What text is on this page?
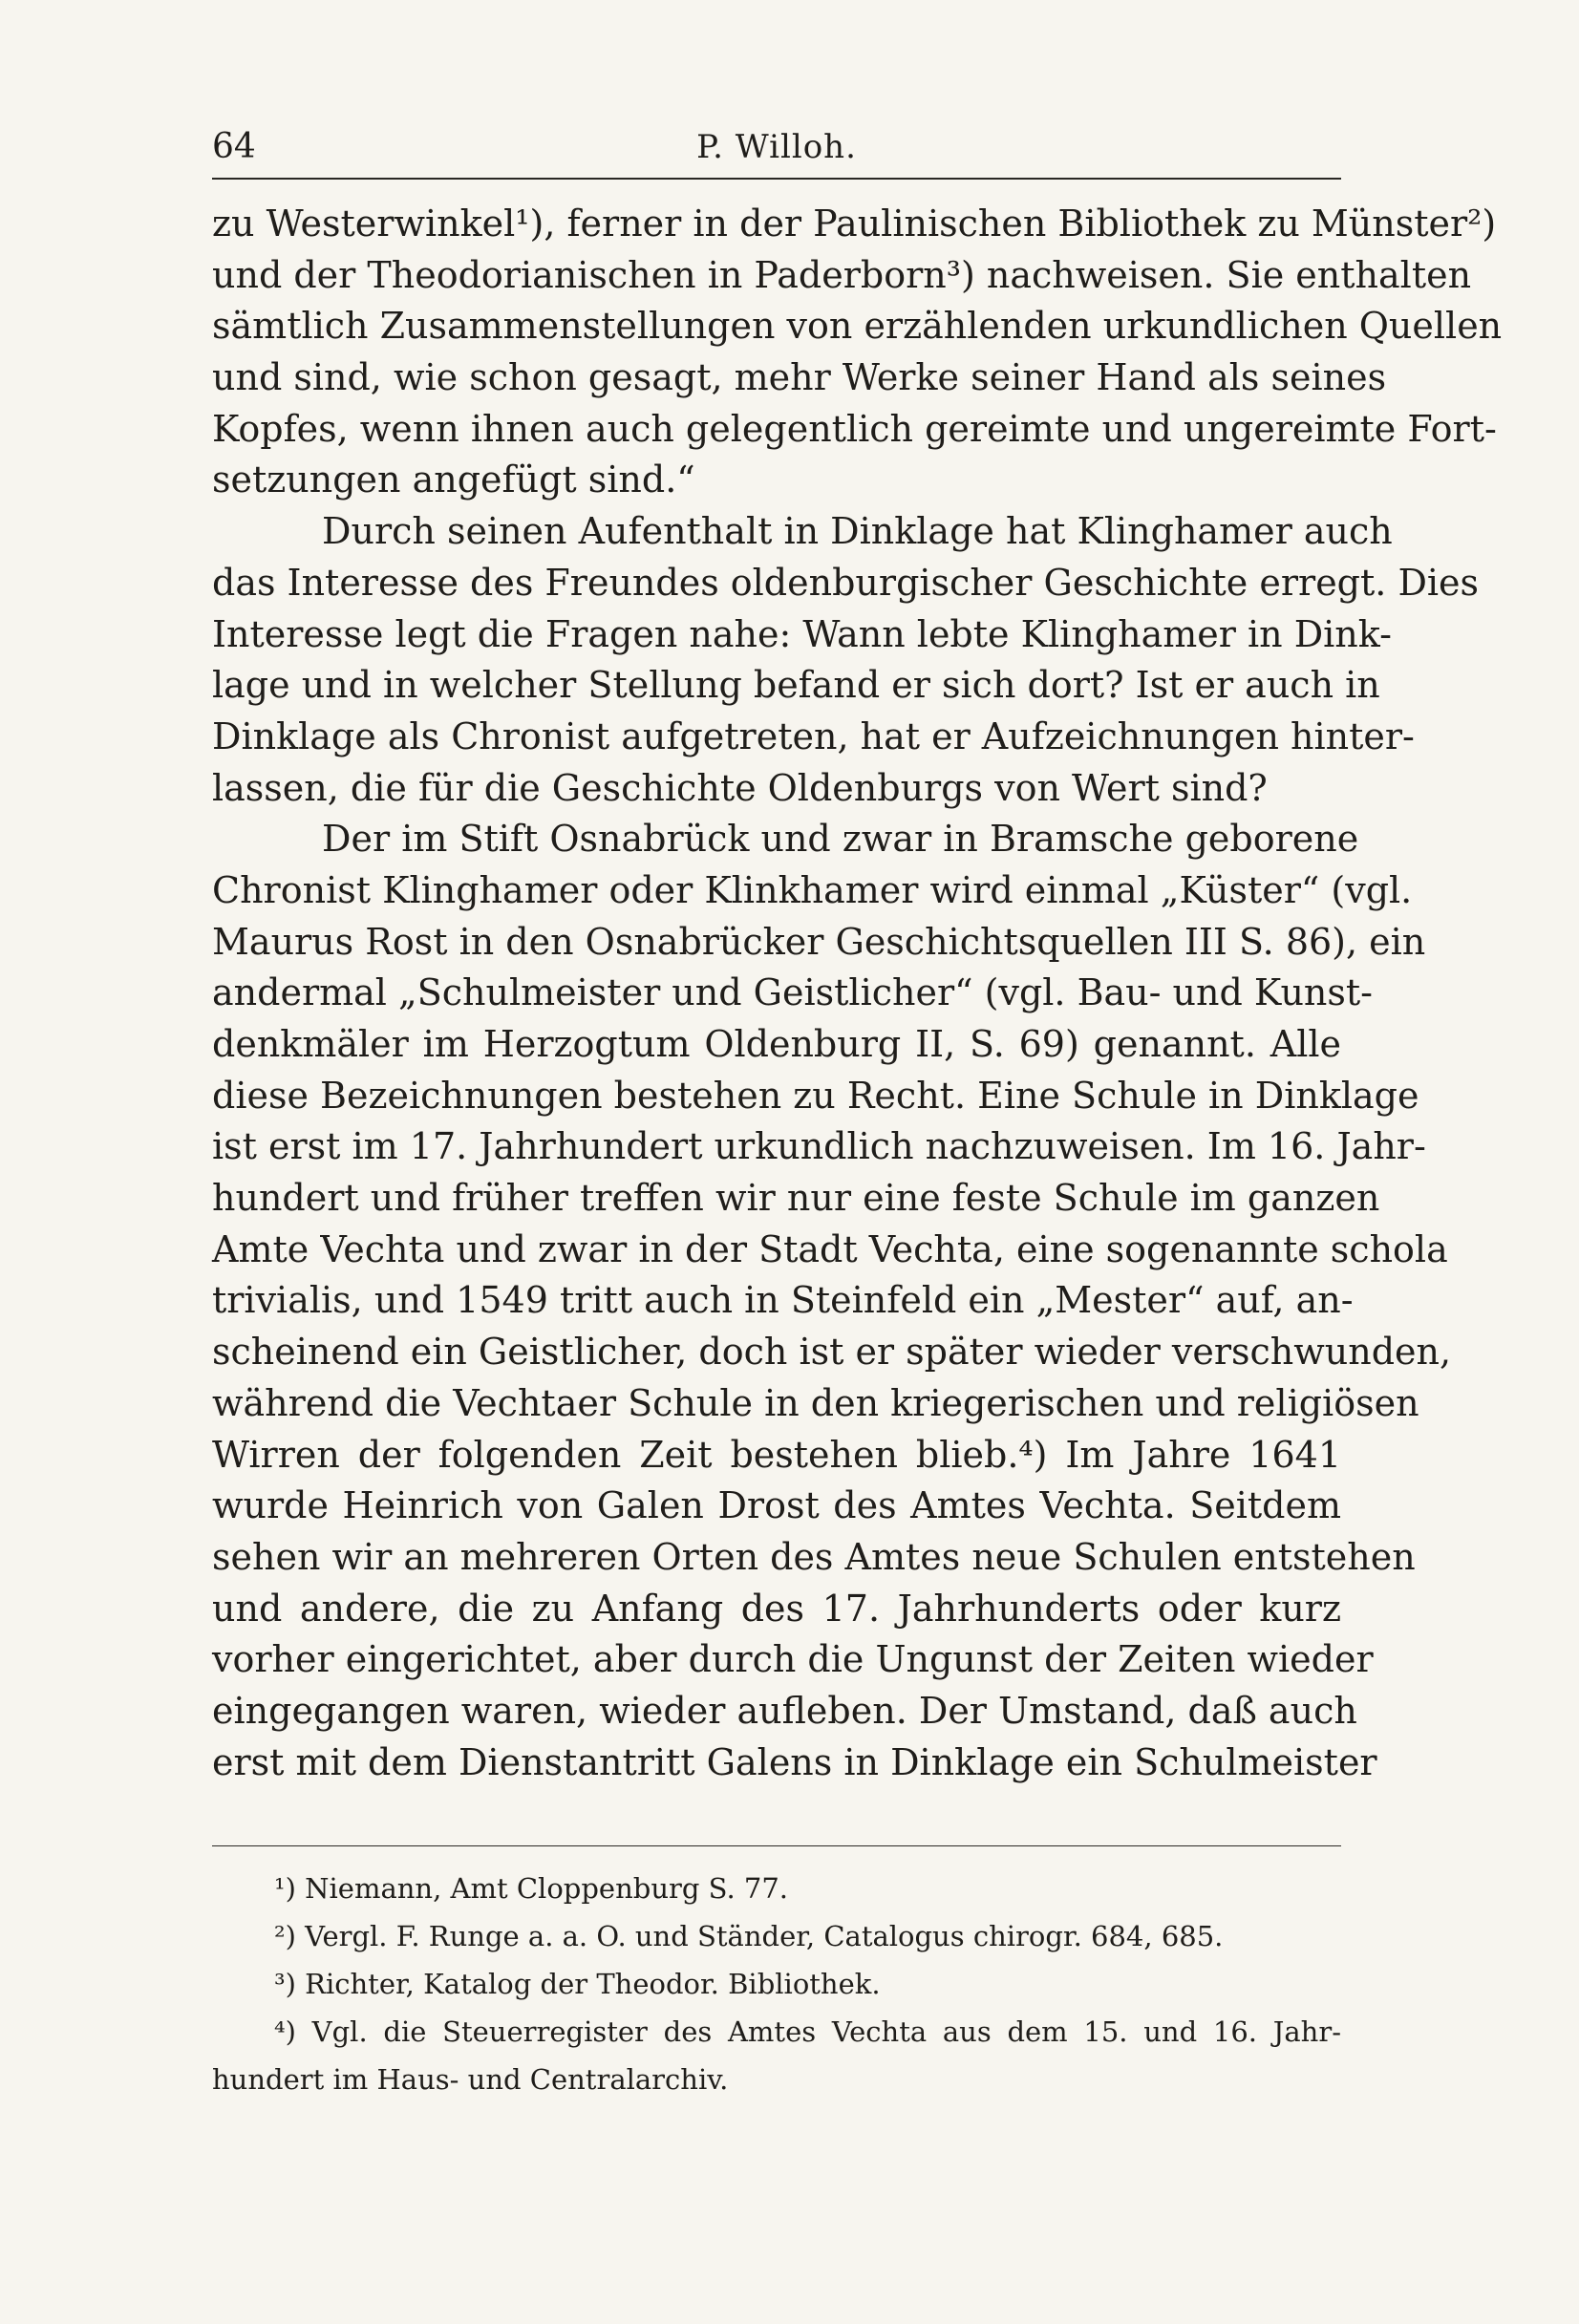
64	P. Willoh.
zu Westerwinkel¹), ferner in der Paulinischen Bibliothek zu Münster²)
und der Theodorianischen in Paderborn³) nachweisen. Sie enthalten
sämtlich Zusammenstellungen von erzählenden urkundlichen Quellen
und sind, wie schon gesagt, mehr Werke seiner Hand als seines
Kopfes, wenn ihnen auch gelegentlich gereimte und ungereimte Fort-
setzungen angefügt sind.“
Durch seinen Aufenthalt in Dinklage hat Klinghamer auch
das Interesse des Freundes oldenburgischer Geschichte erregt. Dies
Interesse legt die Fragen nahe: Wann lebte Klinghamer in Dink-
lage und in welcher Stellung befand er sich dort? Ist er auch in
Dinklage als Chronist aufgetreten, hat er Aufzeichnungen hinter-
lassen, die für die Geschichte Oldenburgs von Wert sind?
Der im Stift Osnabrück und zwar in Bramsche geborene
Chronist Klinghamer oder Klinkhamer wird einmal „Küster“ (vgl.
Maurus Rost in den Osnabrücker Geschichtsquellen III S. 86), ein
andermal „Schulmeister und Geistlicher“ (vgl. Bau- und Kunst-
denkmäler im Herzogtum Oldenburg II, S. 69) genannt. Alle
diese Bezeichnungen bestehen zu Recht. Eine Schule in Dinklage
ist erst im 17. Jahrhundert urkundlich nachzuweisen. Im 16. Jahr-
hundert und früher treffen wir nur eine feste Schule im ganzen
Amte Vechta und zwar in der Stadt Vechta, eine sogenannte schola
trivialis, und 1549 tritt auch in Steinfeld ein „Mester“ auf, an-
scheinend ein Geistlicher, doch ist er später wieder verschwunden,
während die Vechtaer Schule in den kriegerischen und religiösen
Wirren der folgenden Zeit bestehen blieb.⁴) Im Jahre 1641
wurde Heinrich von Galen Drost des Amtes Vechta. Seitdem
sehen wir an mehreren Orten des Amtes neue Schulen entstehen
und andere, die zu Anfang des 17. Jahrhunderts oder kurz
vorher eingerichtet, aber durch die Ungunst der Zeiten wieder
eingegangen waren, wieder aufleben. Der Umstand, daß auch
erst mit dem Dienstantritt Galens in Dinklage ein Schulmeister
¹) Niemann, Amt Cloppenburg S. 77.
²) Vergl. F. Runge a. a. O. und Ständer, Catalogus chirogr. 684, 685.
³) Richter, Katalog der Theodor. Bibliothek.
⁴) Vgl. die Steuerregister des Amtes Vechta aus dem 15. und 16. Jahr-
hundert im Haus- und Centralarchiv.
